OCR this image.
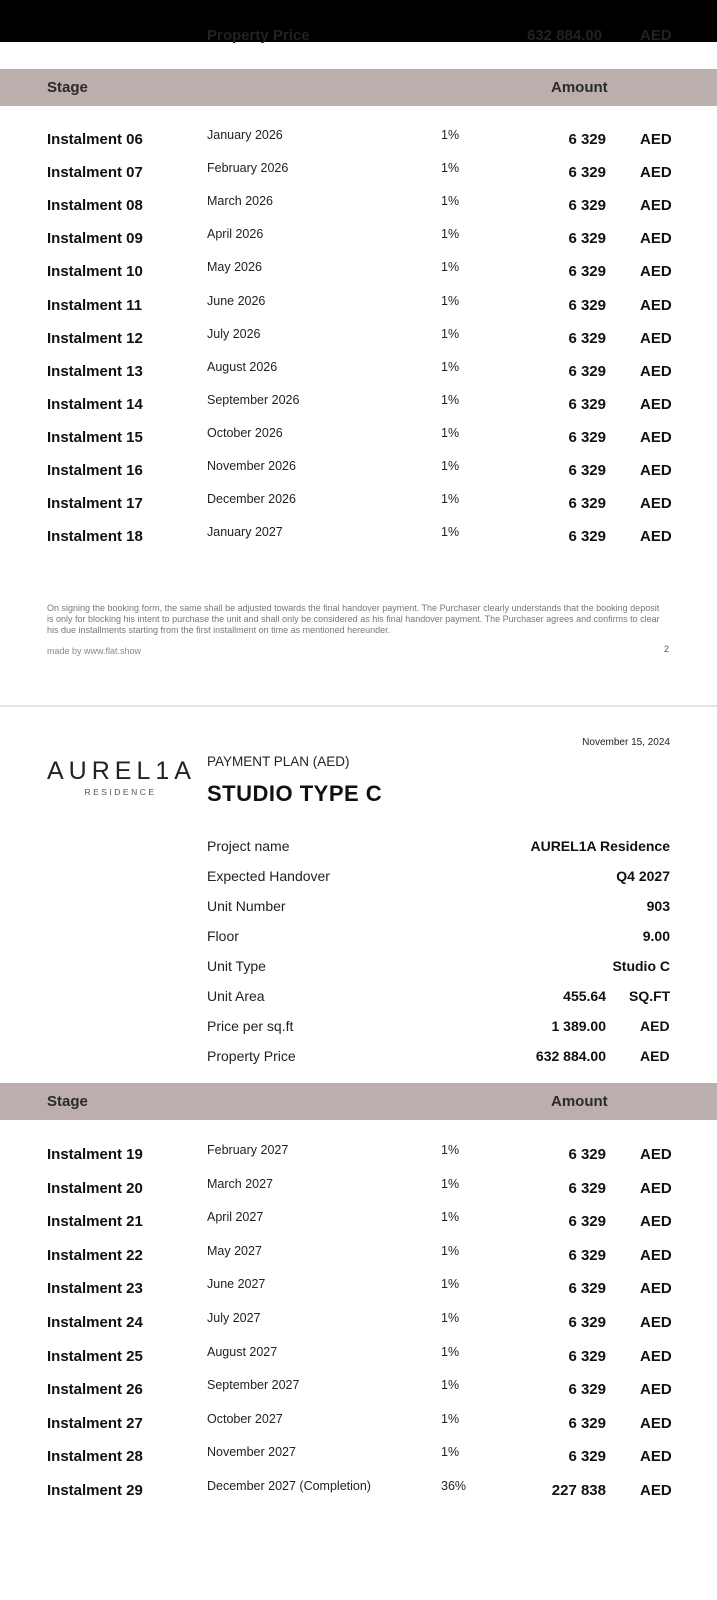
Property Price	632 884.00	AED
Stage	Amount
Instalment 06	January 2026	1%	6 329 AED
Instalment 07	February 2026	1%	6 329 AED
Instalment 08	March 2026	1%	6 329 AED
Instalment 09	April 2026	1%	6 329 AED
Instalment 10	May 2026	1%	6 329 AED
Instalment 11	June 2026	1%	6 329 AED
Instalment 12	July 2026	1%	6 329 AED
Instalment 13	August 2026	1%	6 329 AED
Instalment 14	September 2026	1%	6 329 AED
Instalment 15	October 2026	1%	6 329 AED
Instalment 16	November 2026	1%	6 329 AED
Instalment 17	December 2026	1%	6 329 AED
Instalment 18	January 2027	1%	6 329 AED
On signing the booking form, the same shall be adjusted towards the final handover payment. The Purchaser clearly understands that the booking deposit is only for blocking his intent to purchase the unit and shall only be considered as his final handover payment. The Purchaser agrees and confirms to clear his due installments starting from the first installment on time as mentioned hereunder.
made by www.flat.show	2
November 15, 2024
AUREL1A
RESIDENCE
PAYMENT PLAN (AED)
STUDIO TYPE C
Project name	AUREL1A Residence
Expected Handover	Q4 2027
Unit Number	903
Floor	9.00
Unit Type	Studio C
Unit Area	455.64 SQ.FT
Price per sq.ft	1 389.00 AED
Property Price	632 884.00 AED
Stage	Amount
Instalment 19	February 2027	1%	6 329 AED
Instalment 20	March 2027	1%	6 329 AED
Instalment 21	April 2027	1%	6 329 AED
Instalment 22	May 2027	1%	6 329 AED
Instalment 23	June 2027	1%	6 329 AED
Instalment 24	July 2027	1%	6 329 AED
Instalment 25	August 2027	1%	6 329 AED
Instalment 26	September 2027	1%	6 329 AED
Instalment 27	October 2027	1%	6 329 AED
Instalment 28	November 2027	1%	6 329 AED
Instalment 29	December 2027 (Completion)	36%	227 838 AED
